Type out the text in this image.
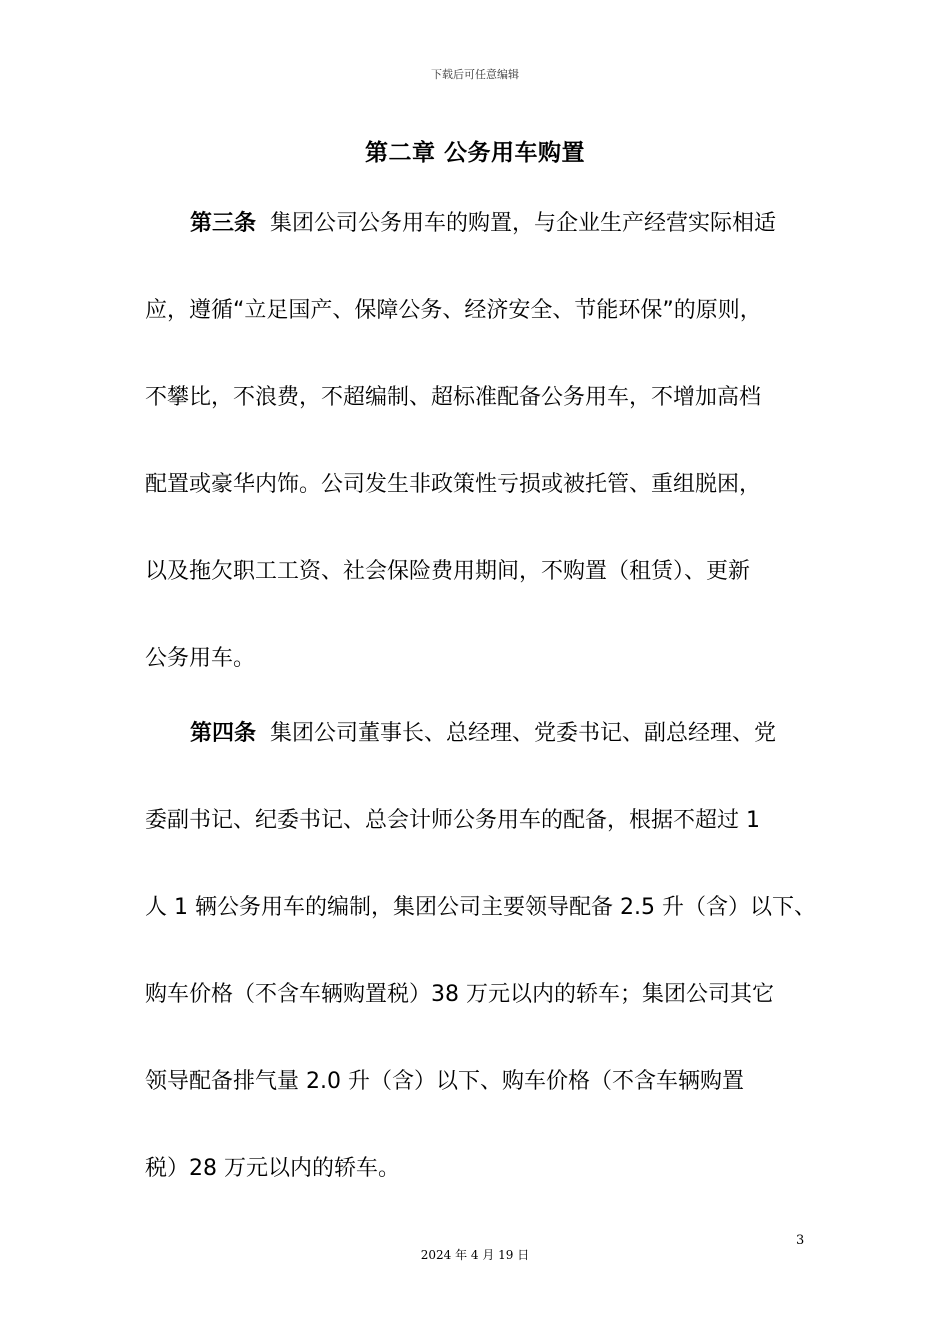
下载后可任意编辑
第二章 公务用车购置
第三条 集团公司公务用车的购置，与企业生产经营实际相适
应，遵循“立足国产、保障公务、经济安全、节能环保”的原则，
不攀比，不浪费，不超编制、超标准配备公务用车，不增加高档
配置或豪华内饰。公司发生非政策性亏损或被托管、重组脱困，
以及拖欠职工工资、社会保险费用期间，不购置（租赁）、更新
公务用车。
第四条 集团公司董事长、总经理、党委书记、副总经理、党
委副书记、纪委书记、总会计师公务用车的配备，根据不超过 1
人 1 辆公务用车的编制，集团公司主要领导配备 2.5 升（含）以下、
购车价格（不含车辆购置税）38 万元以内的轿车；集团公司其它
领导配备排气量 2.0 升（含）以下、购车价格（不含车辆购置
税）28 万元以内的轿车。
3
2024 年 4 月 19 日
